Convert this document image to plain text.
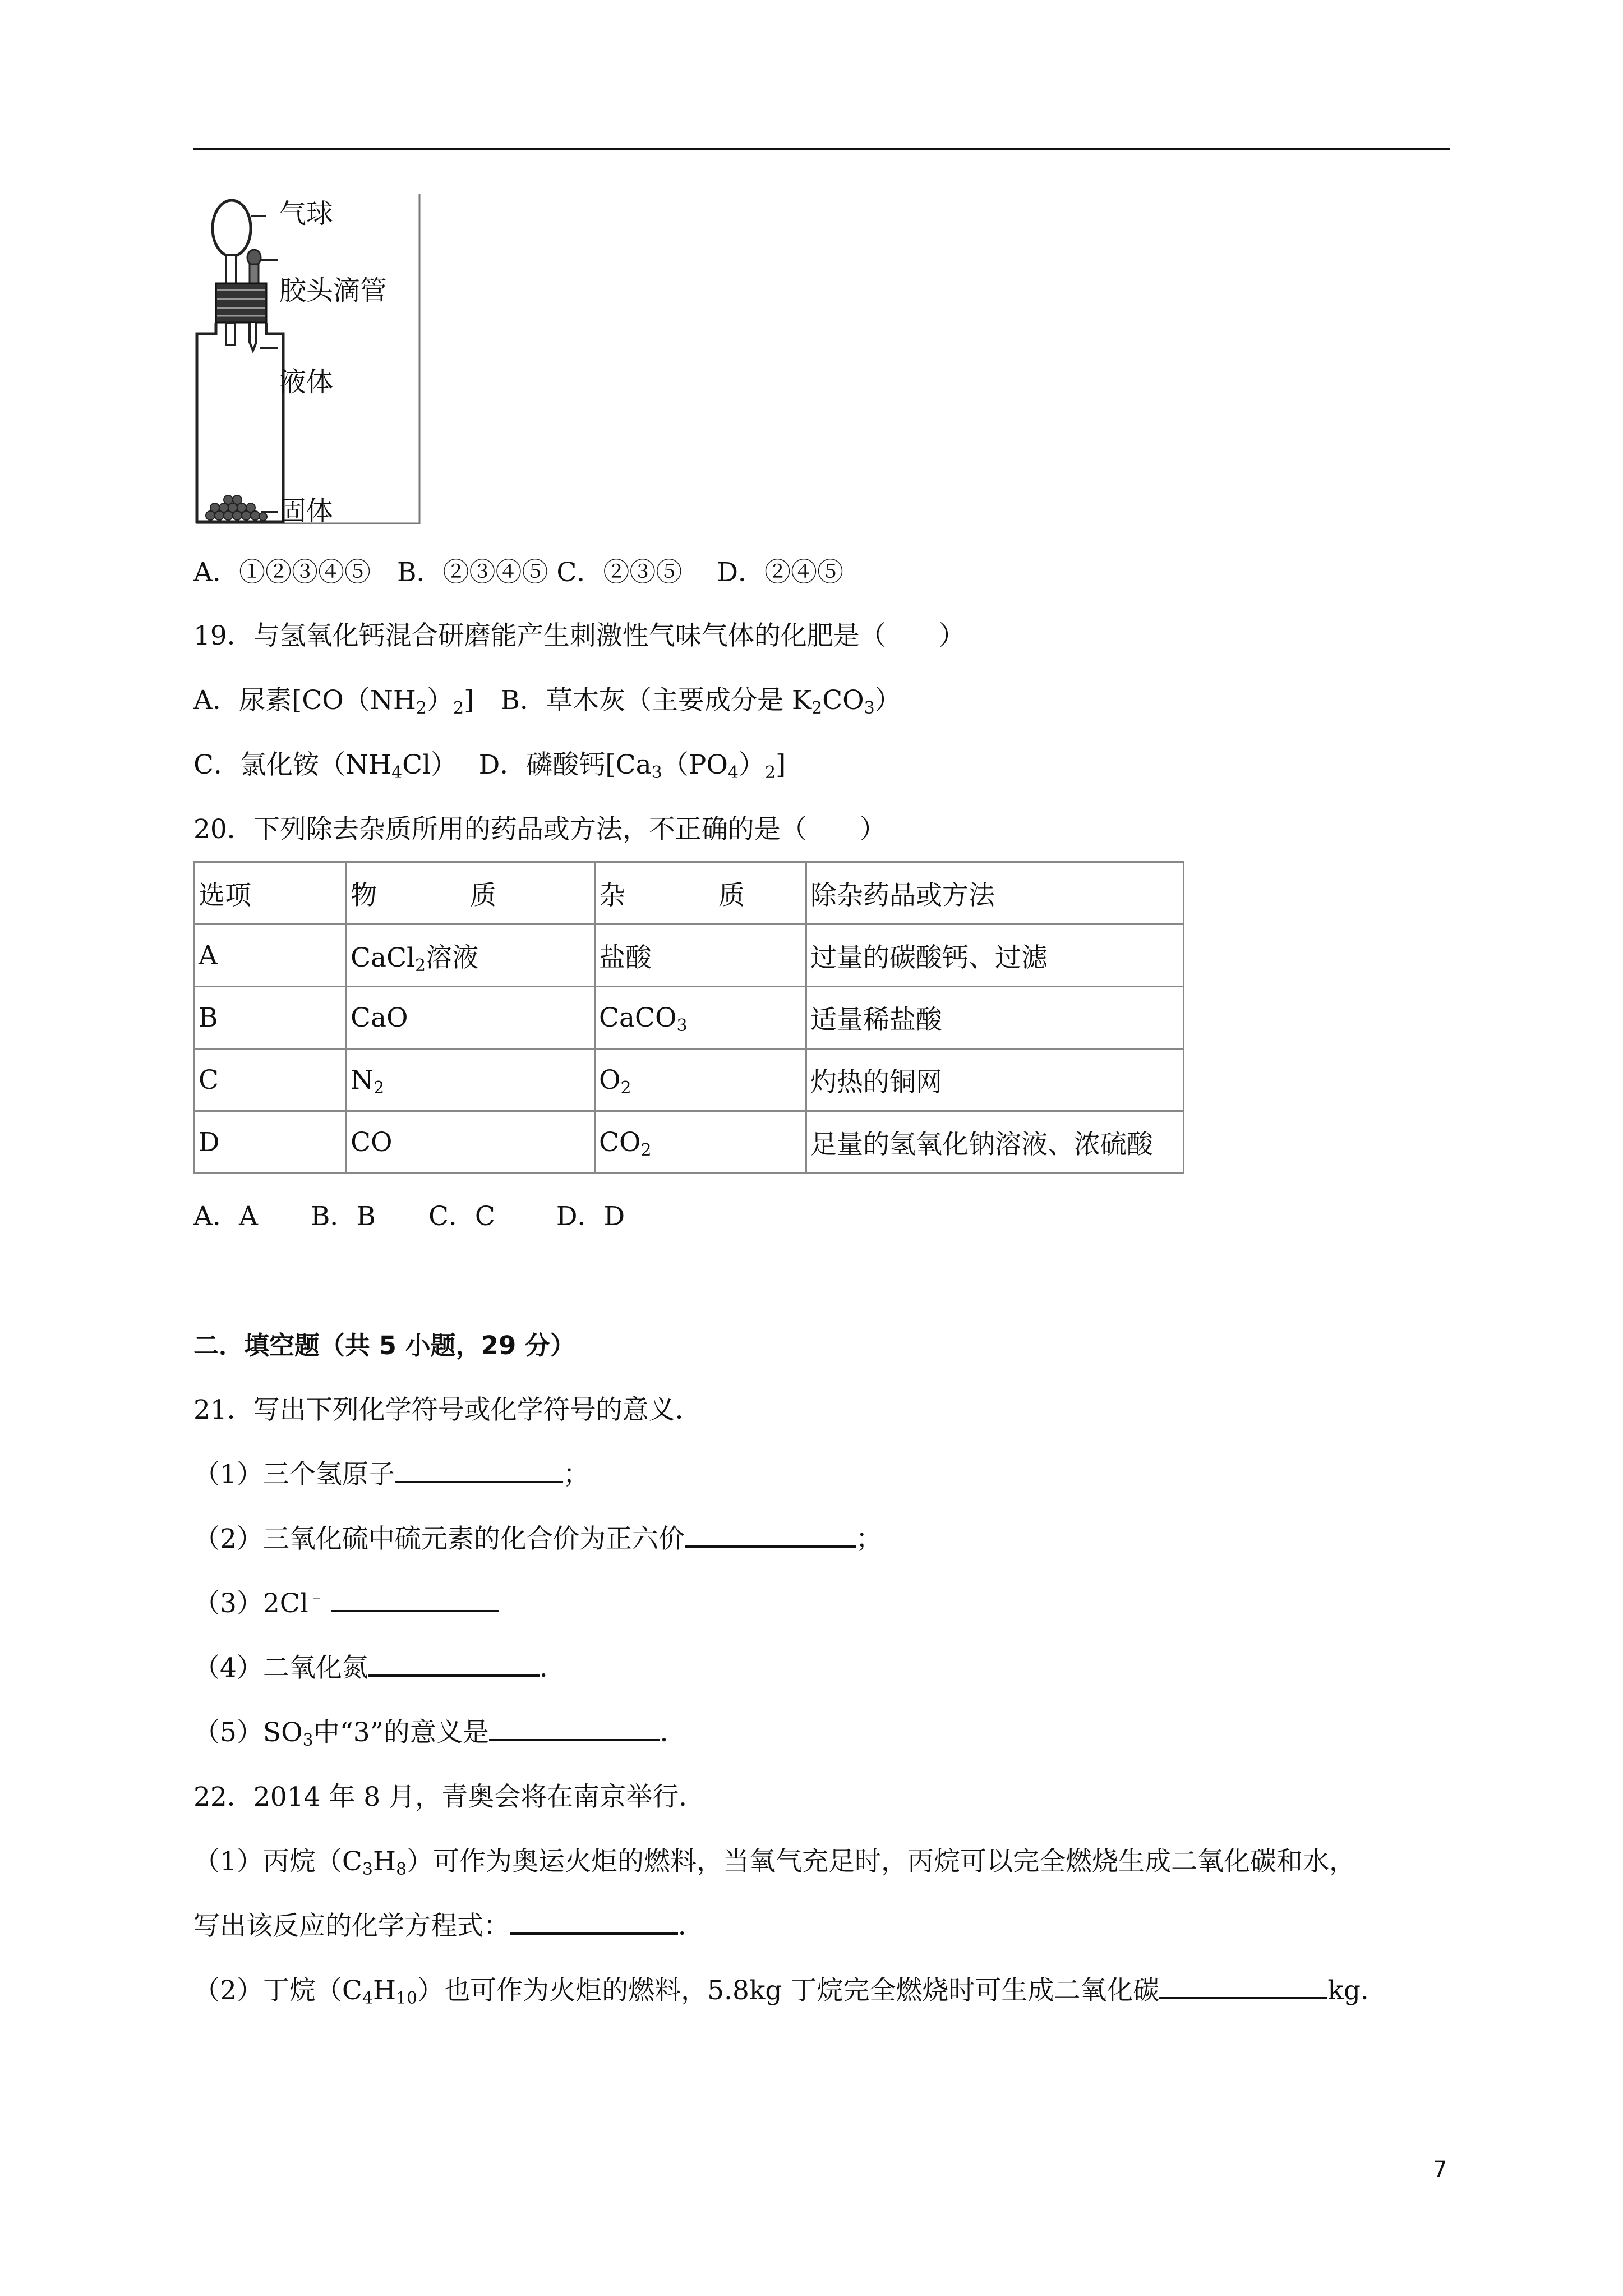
气球
胶头滴管
液体
固体
A．①②③④⑤　B．②③④⑤ C．②③⑤　 D．②④⑤
19．与氢氧化钙混合研磨能产生刺激性气味气体的化肥是（　　）
A．尿素$[CO(NH_2)_2]$　B．草木灰（主要成分是 $K_2CO_3$）
C．氯化铵$(NH_4Cl)$　 D．磷酸钙$[Ca_3(PO_4)_2]$
20．下列除去杂质所用的药品或方法，不正确的是（　　）
选项	物 质	杂 质	除杂药品或方法
A	CaCl$_2$溶液	盐酸	过量的碳酸钙、过滤
B	CaO	CaCO$_3$	适量稀盐酸
C	$N_2$	$O_2$	灼热的铜网
D	CO	$CO_2$	足量的氢氧化钠溶液、浓硫酸
A．A　　B．B　　C．C　　 D．D
二．填空题（共 5 小题，29 分）
21．写出下列化学符号或化学符号的意义．
（1）三个氢原子	；
（2）三氧化硫中硫元素的化合价为正六价	；
（3）2Cl﹣
（4）二氧化氮	．
$(5)SO_3$中“3”的意义是	．
22．2014 年 8 月，青奥会将在南京举行．
（1）丙烷$(C_3H_8)$可作为奥运火炬的燃料，当氧气充足时，丙烷可以完全燃烧生成二氧化碳和水，
写出该反应的化学方程式：	．
（2）丁烷$(C_4H_{10})$也可作为火炬的燃料，5.8kg 丁烷完全燃烧时可生成二氧化碳	kg．
7
